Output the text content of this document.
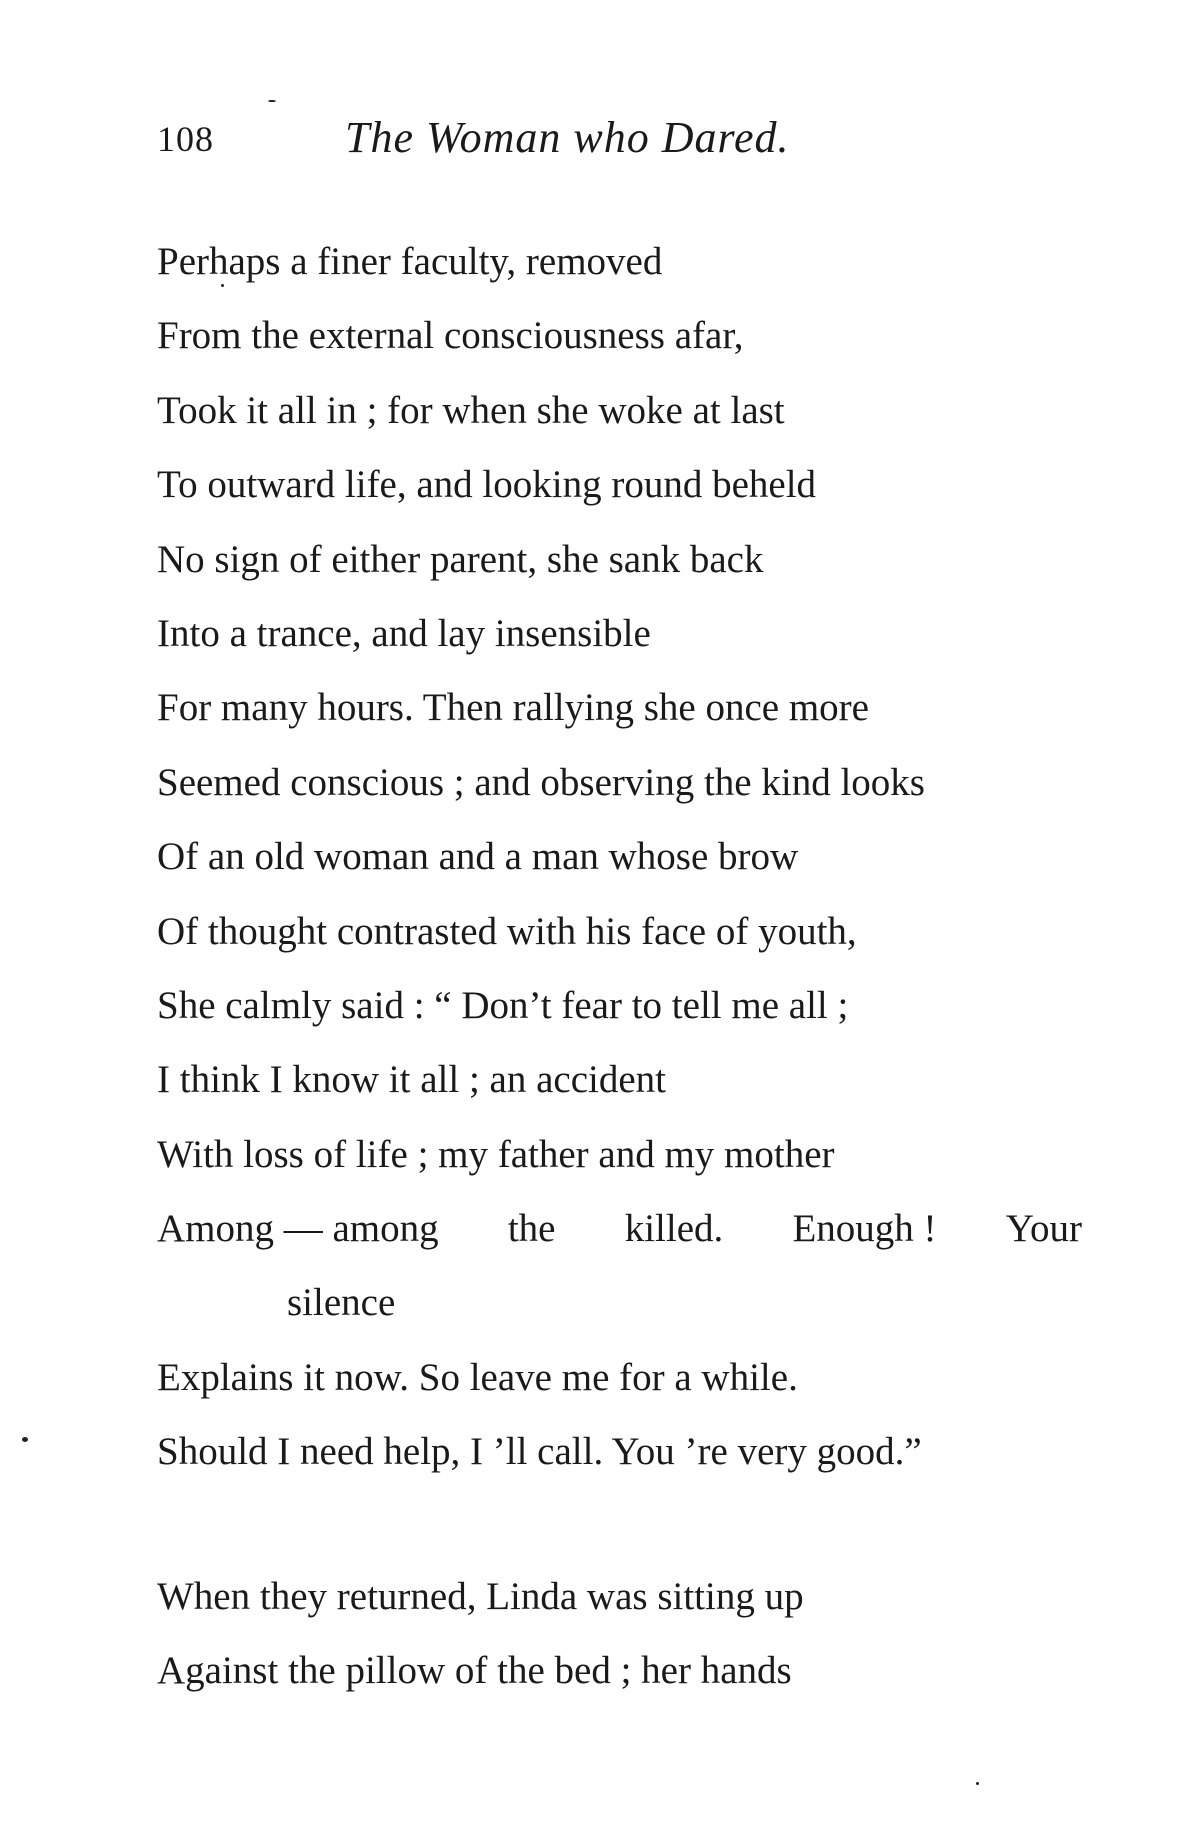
108	The Woman who Dared.
Perhaps a finer faculty, removed
From the external consciousness afar,
Took it all in ; for when she woke at last
To outward life, and looking round beheld
No sign of either parent, she sank back
Into a trance, and lay insensible
For many hours. Then rallying she once more
Seemed conscious ; and observing the kind looks
Of an old woman and a man whose brow
Of thought contrasted with his face of youth,
She calmly said : “ Don’t fear to tell me all ;
I think I know it all ; an accident
With loss of life ; my father and my mother
Among — among the killed. Enough ! Your
silence
Explains it now. So leave me for a while.
Should I need help, I ’ll call. You ’re very good.”
When they returned, Linda was sitting up
Against the pillow of the bed ; her hands
